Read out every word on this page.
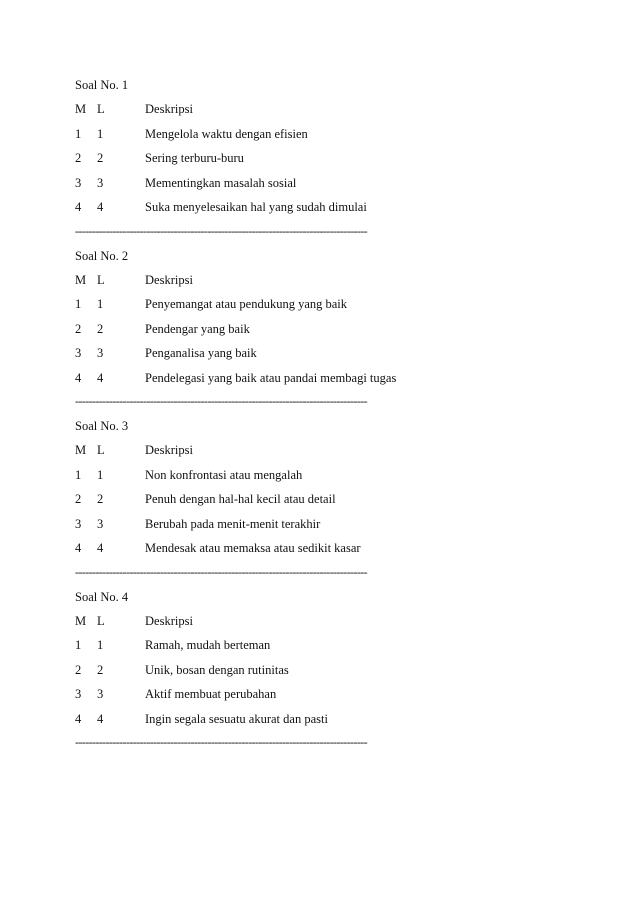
Soal No. 1
M L	Deskripsi
1 1	Mengelola waktu dengan efisien
2 2	Sering terburu-buru
3 3	Mementingkan masalah sosial
4 4	Suka menyelesaikan hal yang sudah dimulai
--------------------------------------------------------------------------------------
Soal No. 2
M L	Deskripsi
1 1	Penyemangat atau pendukung yang baik
2 2	Pendengar yang baik
3 3	Penganalisa yang baik
4 4	Pendelegasi yang baik atau pandai membagi tugas
--------------------------------------------------------------------------------------
Soal No. 3
M L	Deskripsi
1 1	Non konfrontasi atau mengalah
2 2	Penuh dengan hal-hal kecil atau detail
3 3	Berubah pada menit-menit terakhir
4 4	Mendesak atau memaksa atau sedikit kasar
--------------------------------------------------------------------------------------
Soal No. 4
M L	Deskripsi
1 1	Ramah, mudah berteman
2 2	Unik, bosan dengan rutinitas
3 3	Aktif membuat perubahan
4 4	Ingin segala sesuatu akurat dan pasti
--------------------------------------------------------------------------------------
